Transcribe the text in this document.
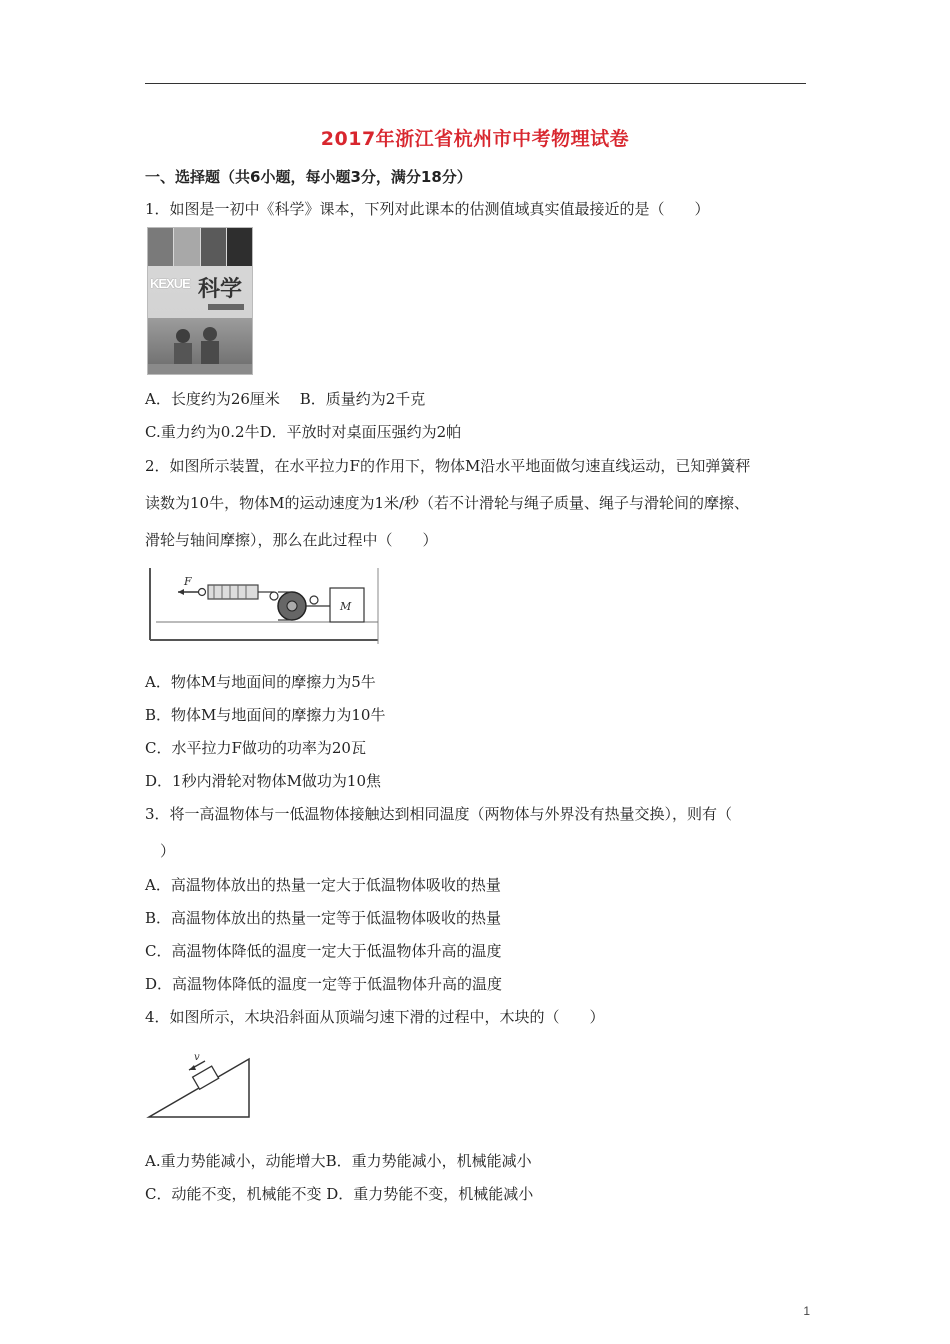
2017年浙江省杭州市中考物理试卷
一、选择题（共6小题，每小题3分，满分18分）
1．如图是一初中《科学》课本，下列对此课本的估测值域真实值最接近的是（　　）
KEXUE 科学
A．长度约为26厘米　 B．质量约为2千克
C.重力约为0.2牛D．平放时对桌面压强约为2帕
2．如图所示装置，在水平拉力F的作用下，物体M沿水平地面做匀速直线运动，已知弹簧秤
读数为10牛，物体M的运动速度为1米/秒（若不计滑轮与绳子质量、绳子与滑轮间的摩擦、
滑轮与轴间摩擦），那么在此过程中（　　）
F
M
A．物体M与地面间的摩擦力为5牛
B．物体M与地面间的摩擦力为10牛
C．水平拉力F做功的功率为20瓦
D．1秒内滑轮对物体M做功为10焦
3．将一高温物体与一低温物体接触达到相同温度（两物体与外界没有热量交换），则有（
）
A．高温物体放出的热量一定大于低温物体吸收的热量
B．高温物体放出的热量一定等于低温物体吸收的热量
C．高温物体降低的温度一定大于低温物体升高的温度
D．高温物体降低的温度一定等于低温物体升高的温度
4．如图所示，木块沿斜面从顶端匀速下滑的过程中，木块的（　　）
v
A.重力势能减小，动能增大B．重力势能减小，机械能减小
C．动能不变，机械能不变 D．重力势能不变，机械能减小
1
